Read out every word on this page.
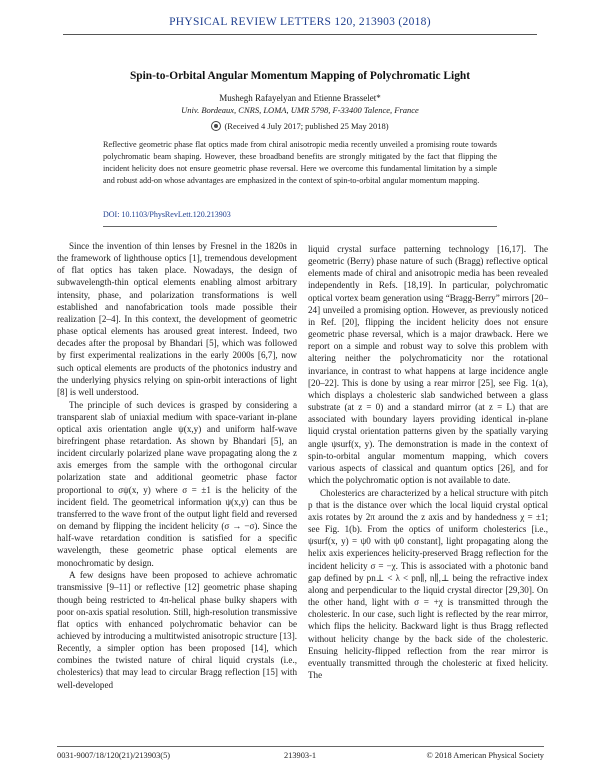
PHYSICAL REVIEW LETTERS 120, 213903 (2018)
Spin-to-Orbital Angular Momentum Mapping of Polychromatic Light
Mushegh Rafayelyan and Etienne Brasselet*
Univ. Bordeaux, CNRS, LOMA, UMR 5798, F-33400 Talence, France
(Received 4 July 2017; published 25 May 2018)
Reflective geometric phase flat optics made from chiral anisotropic media recently unveiled a promising route towards polychromatic beam shaping. However, these broadband benefits are strongly mitigated by the fact that flipping the incident helicity does not ensure geometric phase reversal. Here we overcome this fundamental limitation by a simple and robust add-on whose advantages are emphasized in the context of spin-to-orbital angular momentum mapping.
DOI: 10.1103/PhysRevLett.120.213903

Since the invention of thin lenses by Fresnel in the 1820s in the framework of lighthouse optics [1], tremendous development of flat optics has taken place. Nowadays, the design of subwavelength-thin optical elements enabling almost arbitrary intensity, phase, and polarization transformations is well established and nanofabrication tools made possible their realization [2–4]. In this context, the development of geometric phase optical elements has aroused great interest. Indeed, two decades after the proposal by Bhandari [5], which was followed by first experimental realizations in the early 2000s [6,7], now such optical elements are products of the photonics industry and the underlying physics relying on spin-orbit interactions of light [8] is well understood.

The principle of such devices is grasped by considering a transparent slab of uniaxial medium with space-variant in-plane optical axis orientation angle ψ(x,y) and uniform half-wave birefringent phase retardation. As shown by Bhandari [5], an incident circularly polarized plane wave propagating along the z axis emerges from the sample with the orthogonal circular polarization state and additional geometric phase factor proportional to σψ(x, y) where σ = ±1 is the helicity of the incident field. The geometrical information ψ(x,y) can thus be transferred to the wave front of the output light field and reversed on demand by flipping the incident helicity (σ → −σ). Since the half-wave retardation condition is satisfied for a specific wavelength, these geometric phase optical elements are monochromatic by design.

A few designs have been proposed to achieve achromatic transmissive [9–11] or reflective [12] geometric phase shaping though being restricted to 4π-helical phase bulky shapers with poor on-axis spatial resolution. Still, high-resolution transmissive flat optics with enhanced polychromatic behavior can be achieved by introducing a multitwisted anisotropic structure [13]. Recently, a simpler option has been proposed [14], which combines the twisted nature of chiral liquid crystals (i.e., cholesterics) that may lead to circular Bragg reflection [15] with well-developed

liquid crystal surface patterning technology [16,17]. The geometric (Berry) phase nature of such (Bragg) reflective optical elements made of chiral and anisotropic media has been revealed independently in Refs. [18,19]. In particular, polychromatic optical vortex beam generation using “Bragg-Berry” mirrors [20–24] unveiled a promising option. However, as previously noticed in Ref. [20], flipping the incident helicity does not ensure geometric phase reversal, which is a major drawback. Here we report on a simple and robust way to solve this problem with altering neither the polychromaticity nor the rotational invariance, in contrast to what happens at large incidence angle [20–22]. This is done by using a rear mirror [25], see Fig. 1(a), which displays a cholesteric slab sandwiched between a glass substrate (at z = 0) and a standard mirror (at z = L) that are associated with boundary layers providing identical in-plane liquid crystal orientation patterns given by the spatially varying angle ψsurf(x, y). The demonstration is made in the context of spin-to-orbital angular momentum mapping, which covers various aspects of classical and quantum optics [26], and for which the polychromatic option is not available to date.

Cholesterics are characterized by a helical structure with pitch p that is the distance over which the local liquid crystal optical axis rotates by 2π around the z axis and by handedness χ = ±1; see Fig. 1(b). From the optics of uniform cholesterics [i.e., ψsurf(x, y) = ψ0 with ψ0 constant], light propagating along the helix axis experiences helicity-preserved Bragg reflection for the incident helicity σ = −χ. This is associated with a photonic band gap defined by pn⊥ < λ < pn∥, n∥,⊥ being the refractive index along and perpendicular to the liquid crystal director [29,30]. On the other hand, light with σ = +χ is transmitted through the cholesteric. In our case, such light is reflected by the rear mirror, which flips the helicity. Backward light is thus Bragg reflected without helicity change by the back side of the cholesteric. Ensuing helicity-flipped reflection from the rear mirror is eventually transmitted through the cholesteric at fixed helicity. The

0031-9007/18/120(21)/213903(5)	213903-1	© 2018 American Physical Society
